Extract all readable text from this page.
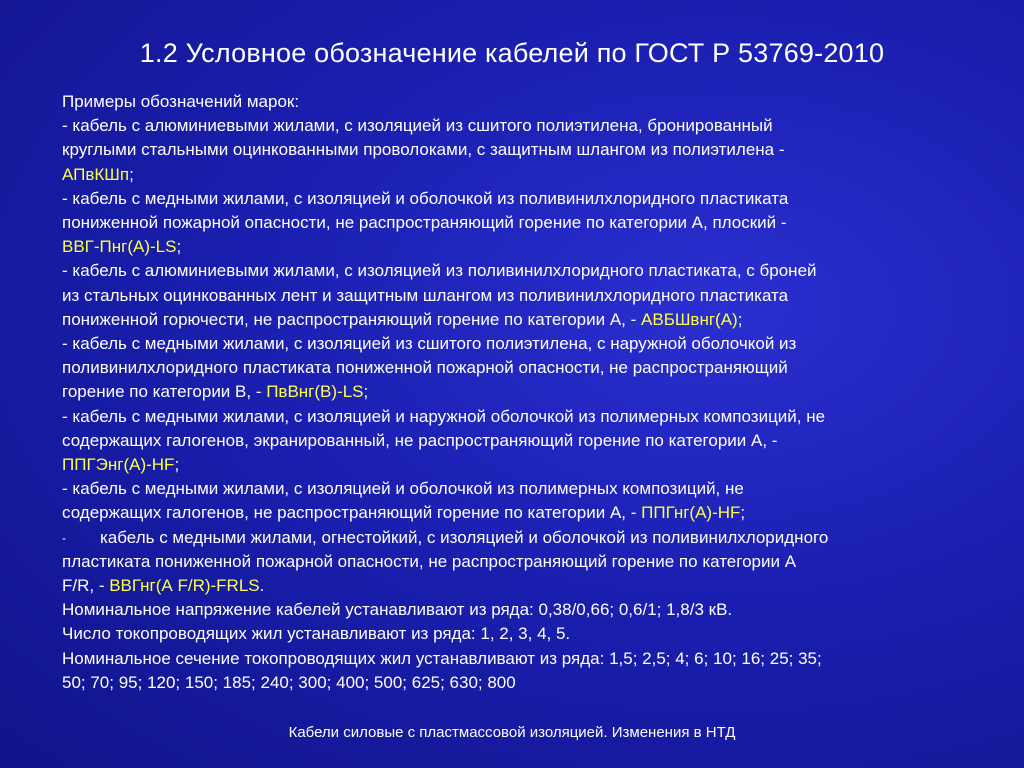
1.2 Условное обозначение кабелей по ГОСТ Р 53769-2010
Примеры обозначений марок:
- кабель с алюминиевыми жилами, с изоляцией из сшитого полиэтилена, бронированный
круглыми стальными оцинкованными проволоками, с защитным шлангом из полиэтилена -
АПвКШп;
- кабель с медными жилами, с изоляцией и оболочкой из поливинилхлоридного пластиката
пониженной пожарной опасности, не распространяющий горение по категории А, плоский -
ВВГ-Пнг(А)-LS;
- кабель с алюминиевыми жилами, с изоляцией из поливинилхлоридного пластиката, с броней
из стальных оцинкованных лент и защитным шлангом из поливинилхлоридного пластиката
пониженной горючести, не распространяющий горение по категории А, - АВБШвнг(А);
- кабель с медными жилами, с изоляцией из сшитого полиэтилена, с наружной оболочкой из
поливинилхлоридного пластиката пониженной пожарной опасности, не распространяющий
горение по категории В, - ПвВнг(В)-LS;
- кабель с медными жилами, с изоляцией и наружной оболочкой из полимерных композиций, не
содержащих галогенов, экранированный, не распространяющий горение по категории А, -
ППГЭнг(А)-HF;
- кабель с медными жилами, с изоляцией и оболочкой из полимерных композиций, не
содержащих галогенов, не распространяющий горение по категории А, - ППГнг(А)-HF;
- кабель с медными жилами, огнестойкий, с изоляцией и оболочкой из поливинилхлоридного
пластиката пониженной пожарной опасности, не распространяющий горение по категории А
F/R, - ВВГнг(А F/R)-FRLS.
Номинальное напряжение кабелей устанавливают из ряда: 0,38/0,66; 0,6/1; 1,8/3 кВ.
Число токопроводящих жил устанавливают из ряда: 1, 2, 3, 4, 5.
Номинальное сечение токопроводящих жил устанавливают из ряда: 1,5; 2,5; 4; 6; 10; 16; 25; 35;
50; 70; 95; 120; 150; 185; 240; 300; 400; 500; 625; 630; 800
Кабели силовые с пластмассовой изоляцией. Изменения в НТД
